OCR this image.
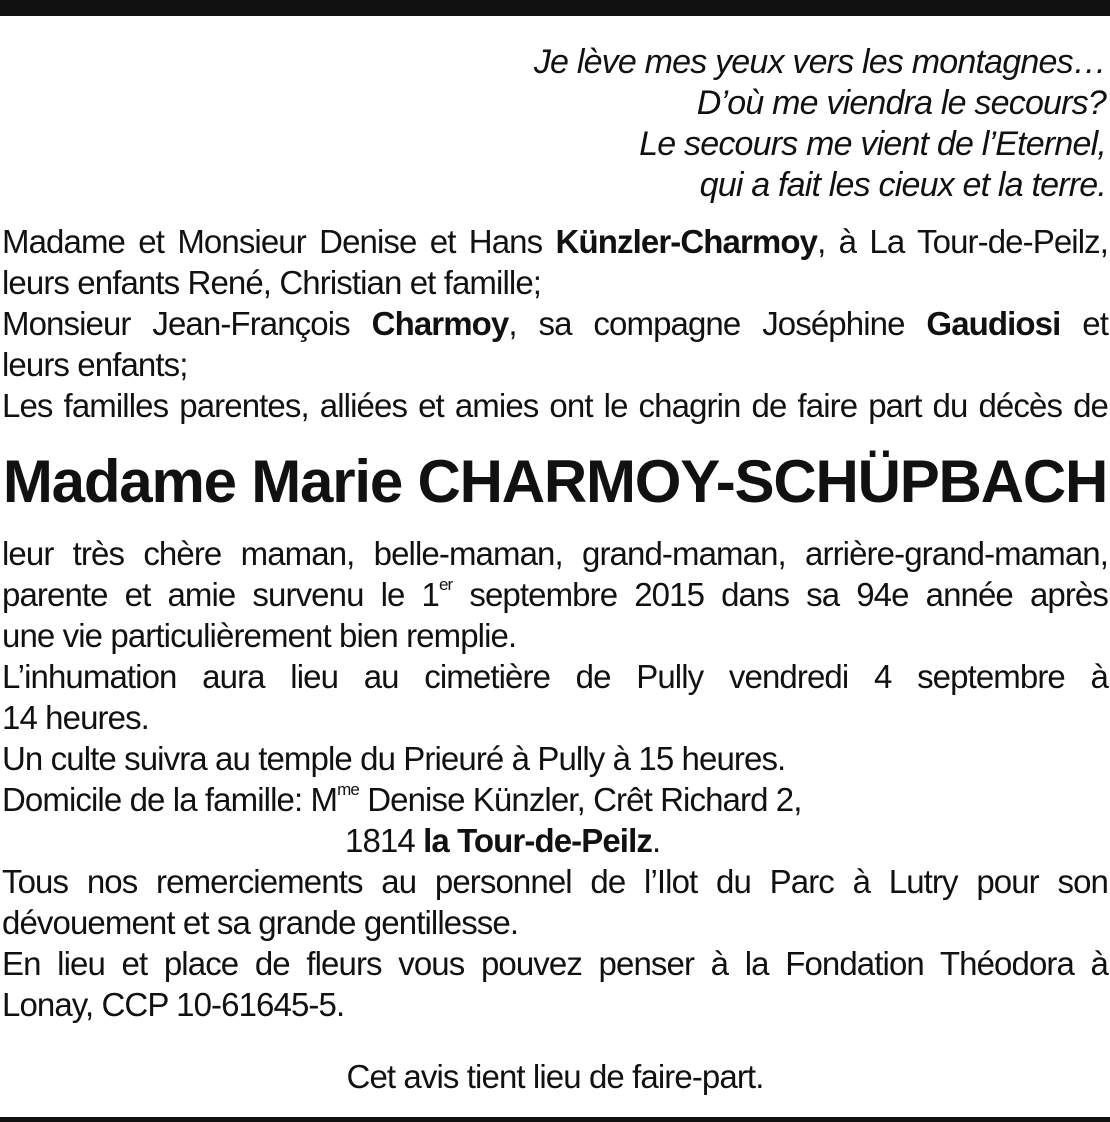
Je lève mes yeux vers les montagnes…
D’où me viendra le secours?
Le secours me vient de l’Eternel,
qui a fait les cieux et la terre.
Madame et Monsieur Denise et Hans Künzler-Charmoy, à La Tour-de-Peilz,
leurs enfants René, Christian et famille;
Monsieur Jean-François Charmoy, sa compagne Joséphine Gaudiosi et
leurs enfants;
Les familles parentes, alliées et amies ont le chagrin de faire part du décès de
Madame Marie CHARMOY-SCHÜPBACH
leur très chère maman, belle-maman, grand-maman, arrière-grand-maman,
parente et amie survenu le 1er septembre 2015 dans sa 94e année après
une vie particulièrement bien remplie.
L’inhumation aura lieu au cimetière de Pully vendredi 4 septembre à
14 heures.
Un culte suivra au temple du Prieuré à Pully à 15 heures.
Domicile de la famille: $M^{me}$ Denise Künzler, Crêt Richard 2,
1814 la Tour-de-Peilz.
Tous nos remerciements au personnel de l’Ilot du Parc à Lutry pour son
dévouement et sa grande gentillesse.
En lieu et place de fleurs vous pouvez penser à la Fondation Théodora à
Lonay, CCP 10-61645-5.
Cet avis tient lieu de faire-part.
